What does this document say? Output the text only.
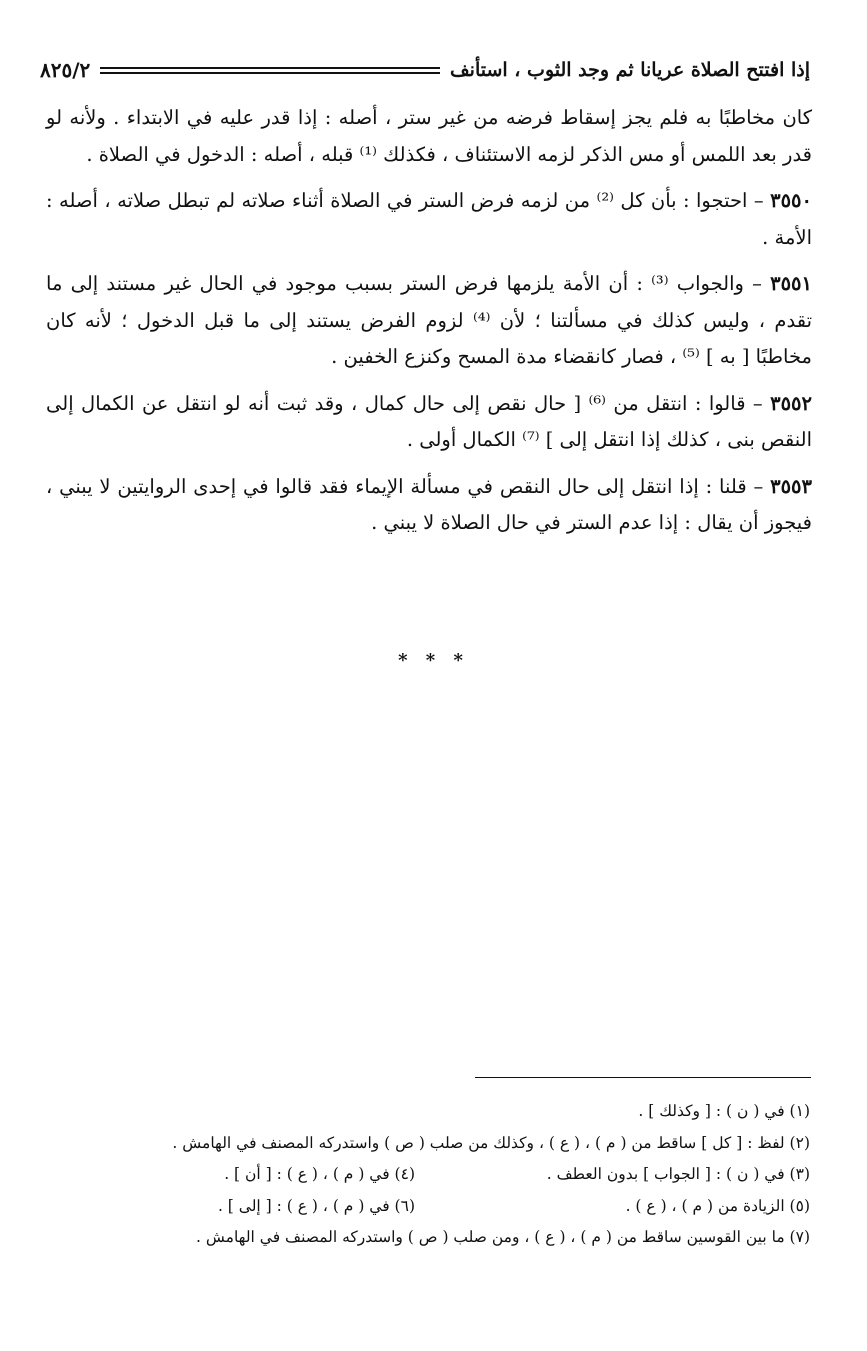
إذا افتتح الصلاة عريانا ثم وجد الثوب ، استأنف
٨٢٥/٢

كان مخاطبًا به فلم يجز إسقاط فرضه من غير ستر ، أصله : إذا قدر عليه في الابتداء . ولأنه لو قدر بعد اللمس أو مس الذكر لزمه الاستئناف ، فكذلك ⁽¹⁾ قبله ، أصله : الدخول في الصلاة .

٣٥٥٠ – احتجوا : بأن كل ⁽²⁾ من لزمه فرض الستر في الصلاة أثناء صلاته لم تبطل صلاته ، أصله : الأمة .

٣٥٥١ – والجواب ⁽³⁾ : أن الأمة يلزمها فرض الستر بسبب موجود في الحال غير مستند إلى ما تقدم ، وليس كذلك في مسألتنا ؛ لأن ⁽⁴⁾ لزوم الفرض يستند إلى ما قبل الدخول ؛ لأنه كان مخاطبًا [ به ] ⁽⁵⁾ ، فصار كانقضاء مدة المسح وكنزع الخفين .

٣٥٥٢ – قالوا : انتقل من ⁽⁶⁾ [ حال نقص إلى حال كمال ، وقد ثبت أنه لو انتقل عن الكمال إلى النقص بنى ، كذلك إذا انتقل إلى ] ⁽⁷⁾ الكمال أولى .

٣٥٥٣ – قلنا : إذا انتقل إلى حال النقص في مسألة الإيماء فقد قالوا في إحدى الروايتين لا يبني ، فيجوز أن يقال : إذا عدم الستر في حال الصلاة لا يبني .

* * *
(١) في ( ن ) : [ وكذلك ] .
(٢) لفظ : [ كل ] ساقط من ( م ) ، ( ع ) ، وكذلك من صلب ( ص ) واستدركه المصنف في الهامش .
(٣) في ( ن ) : [ الجواب ] بدون العطف .
(٤) في ( م ) ، ( ع ) : [ أن ] .
(٥) الزيادة من ( م ) ، ( ع ) .
(٦) في ( م ) ، ( ع ) : [ إلى ] .
(٧) ما بين القوسين ساقط من ( م ) ، ( ع ) ، ومن صلب ( ص ) واستدركه المصنف في الهامش .
